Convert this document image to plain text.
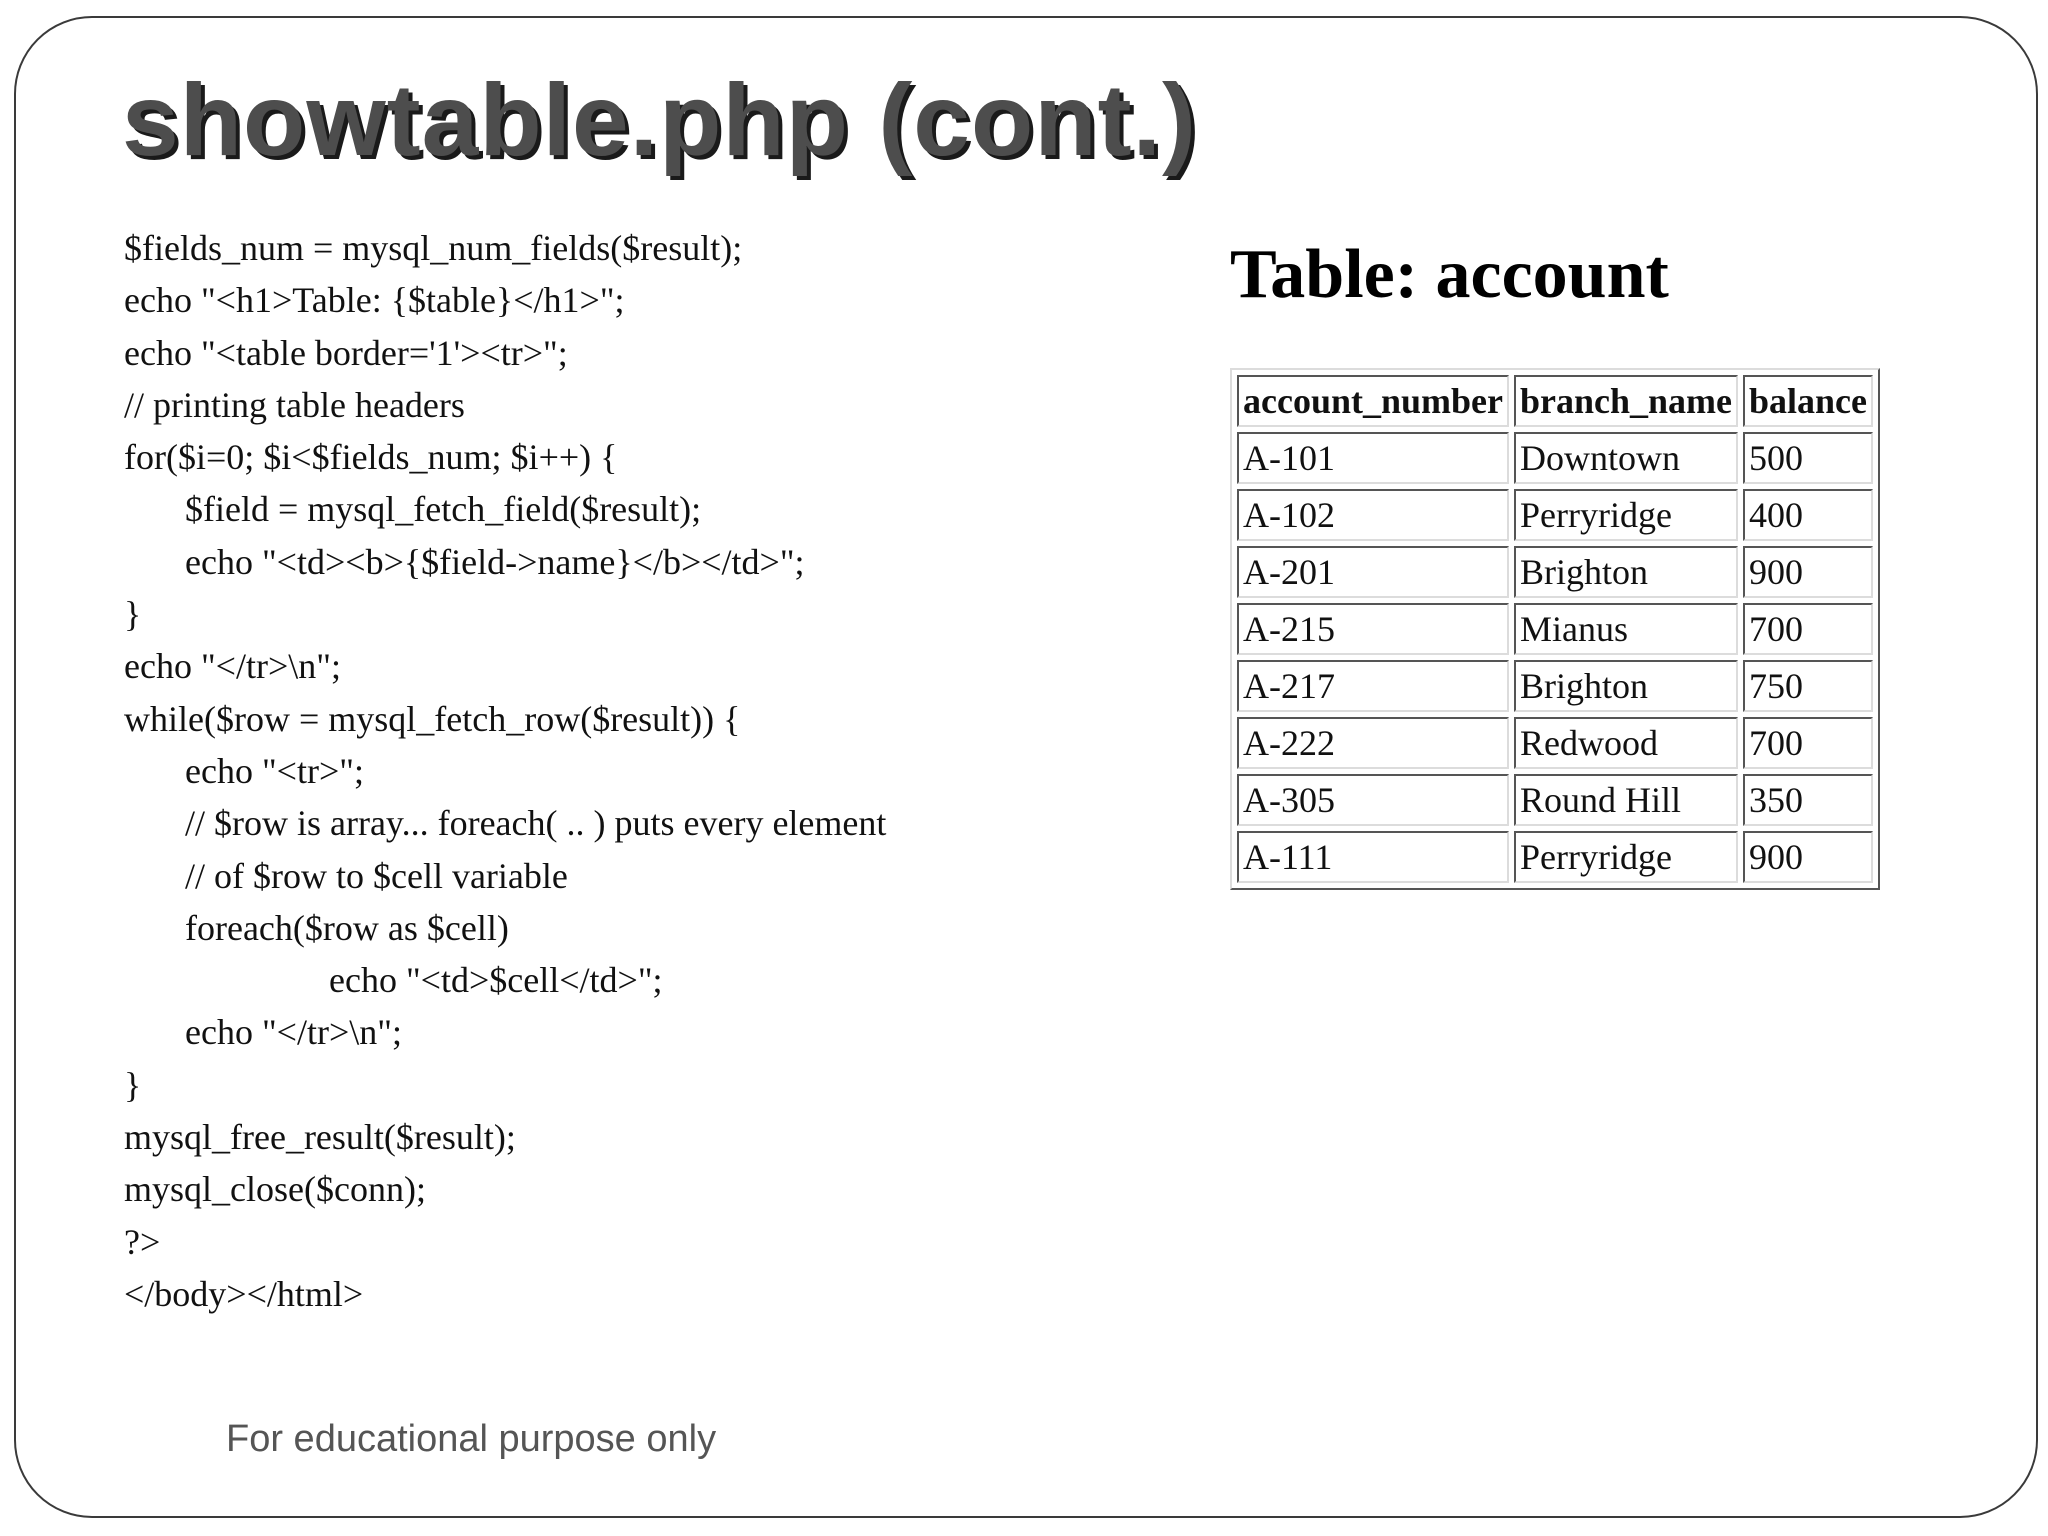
showtable.php (cont.)
$fields_num = mysql_num_fields($result);
echo "<h1>Table: {$table}</h1>";
echo "<table border='1'><tr>";
// printing table headers
for($i=0; $i<$fields_num; $i++) {
$field = mysql_fetch_field($result);
echo "<td><b>{$field->name}</b></td>";
}
echo "</tr>\n";
while($row = mysql_fetch_row($result)) {
echo "<tr>";
// $row is array... foreach( .. ) puts every element
// of $row to $cell variable
foreach($row as $cell)
echo "<td>$cell</td>";
echo "</tr>\n";
}
mysql_free_result($result);
mysql_close($conn);
?>
</body></html>
Table: account
account_number	branch_name	balance
A-101	Downtown	500
A-102	Perryridge	400
A-201	Brighton	900
A-215	Mianus	700
A-217	Brighton	750
A-222	Redwood	700
A-305	Round Hill	350
A-111	Perryridge	900
For educational purpose only
